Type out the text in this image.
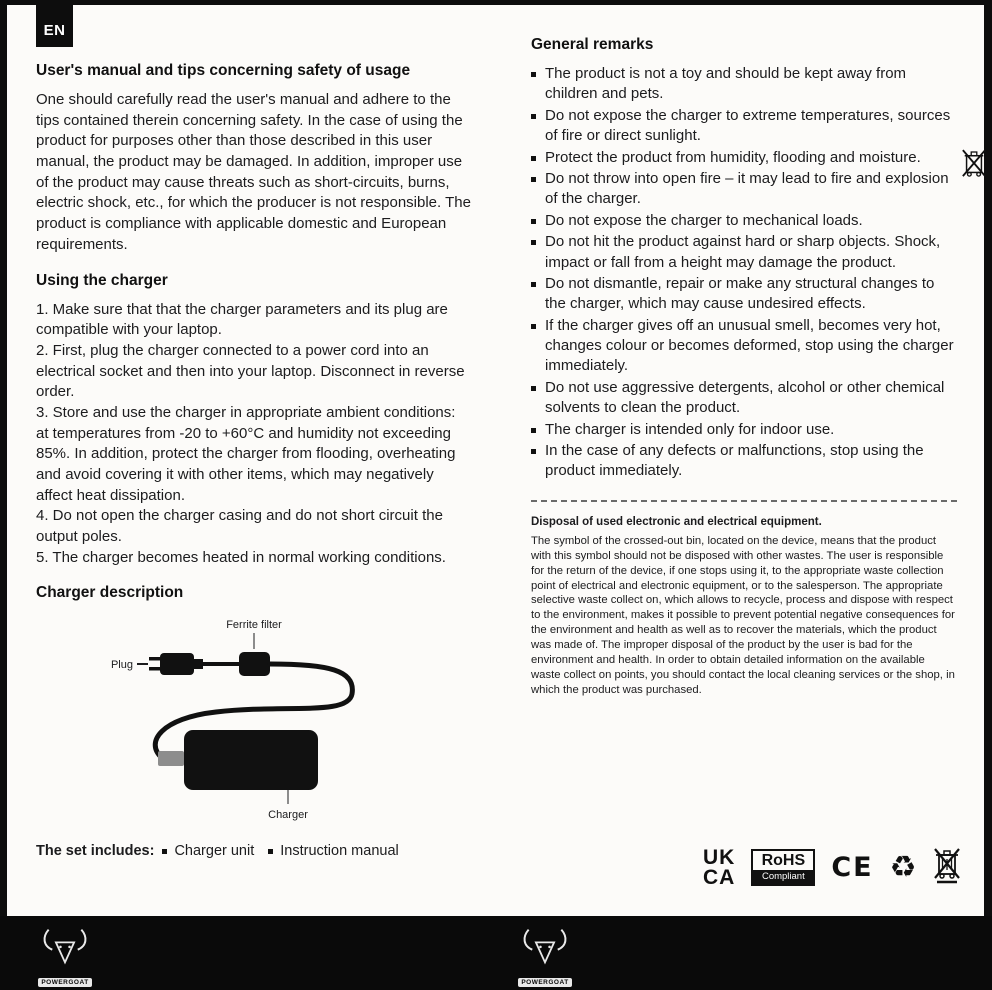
EN
User's manual and tips concerning safety of usage

One should carefully read the user's manual and adhere to the tips contained therein concerning safety. In the case of using the product for purposes other than those described in this user manual, the product may be damaged. In addition, improper use of the product may cause threats such as short-circuits, burns, electric shock, etc., for which the producer is not responsible. The product is compliance with applicable domestic and European requirements.

Using the charger

1. Make sure that that the charger parameters and its plug are compatible with your laptop.

2. First, plug the charger connected to a power cord into an electrical socket and then into your laptop. Disconnect in reverse order.

3. Store and use the charger in appropriate ambient conditions: at temperatures from -20 to +60°C and humidity not exceeding 85%. In addition, protect the charger from flooding, overheating and avoid covering it with other items, which may negatively affect heat dissipation.

4. Do not open the charger casing and do not short circuit the output poles.

5. The charger becomes heated in normal working conditions.

Charger description
Ferrite filter
Plug
Charger
The set includes: Charger unit Instruction manual
General remarks
The product is not a toy and should be kept away from children and pets.
Do not expose the charger to extreme temperatures, sources of fire or direct sunlight.
Protect the product from humidity, flooding and moisture.
Do not throw into open fire – it may lead to fire and explosion of the charger.
Do not expose the charger to mechanical loads.
Do not hit the product against hard or sharp objects. Shock, impact or fall from a height may damage the product.
Do not dismantle, repair or make any structural changes to the charger, which may cause undesired effects.
If the charger gives off an unusual smell, becomes very hot, changes colour or becomes deformed, stop using the charger immediately.
Do not use aggressive detergents, alcohol or other chemical solvents to clean the product.
The charger is intended only for indoor use.
In the case of any defects or malfunctions, stop using the product immediately.

Disposal of used electronic and electrical equipment.

The symbol of the crossed-out bin, located on the device, means that the product with this symbol should not be disposed with other wastes. The user is responsible for the return of the device, if one stops using it, to the appropriate waste collection point of electrical and electronic equipment, or to the salesperson. The appropriate selective waste collect on, which allows to recycle, process and dispose with respect to the environment, makes it possible to prevent potential negative consequences for the environment and health as well as to recover the materials, which the product was made of. The improper disposal of the product by the user is bad for the environment and health. In order to obtain detailed information on the available waste collect on points, you should contact the local cleaning services or the shop, in which the product was purchased.

UK
CA
RoHS
Compliant CE ♻
POWERGOAT	POWERGOAT
